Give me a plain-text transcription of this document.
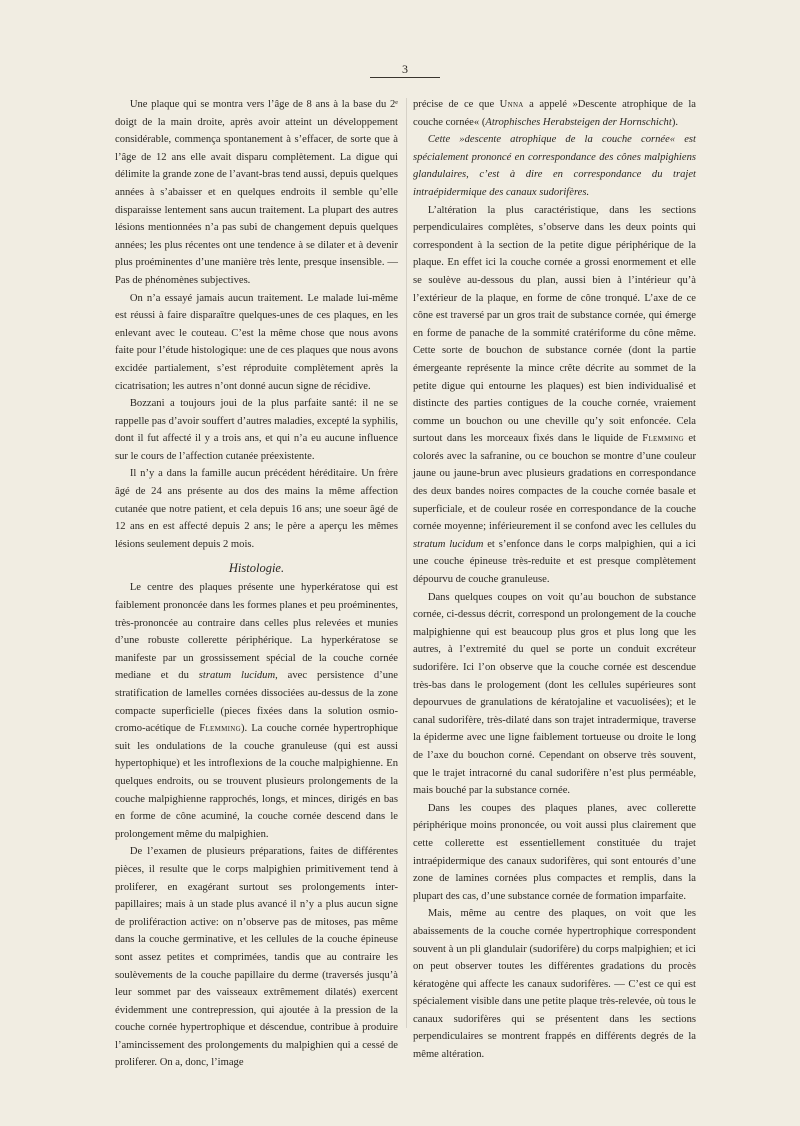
3

Une plaque qui se montra vers l’âge de 8 ans à la base du 2ᵉ doigt de la main droite, après avoir atteint un développement considérable, commença spontanement à s’effacer, de sorte que à l’âge de 12 ans elle avait disparu complètement. La digue qui délimite la grande zone de l’avant-bras tend aussi, depuis quelques années à s’abaisser et en quelques endroits il semble qu’elle disparaisse lentement sans aucun traitement. La plupart des autres lésions mentionnées n’a pas subi de changement depuis quelques années; les plus récentes ont une tendence à se dilater et à devenir plus proéminentes d’une manière très lente, presque insensible. — Pas de phénomènes subjectives.

On n’a essayé jamais aucun traitement. Le malade lui-même est réussi à faire disparaître quelques-unes de ces plaques, en les enlevant avec le couteau. C’est la même chose que nous avons faite pour l’étude histologique: une de ces plaques que nous avons excidée partialement, s’est réproduite complètement après la cicatrisation; les autres n’ont donné aucun signe de récidive.

Bozzani a toujours joui de la plus parfaite santé: il ne se rappelle pas d’avoir souffert d’autres maladies, excepté la syphilis, dont il fut affecté il y a trois ans, et qui n’a eu aucune influence sur le cours de l’affection cutanée préexistente.

Il n’y a dans la famille aucun précédent héréditaire. Un frère âgé de 24 ans présente au dos des mains la même affection cutanée que notre patient, et cela depuis 16 ans; une soeur âgé de 12 ans en est affecté depuis 2 ans; le père a aperçu les mêmes lésions seulement depuis 2 mois.

Histologie.

Le centre des plaques présente une hyperkératose qui est faiblement prononcée dans les formes planes et peu proéminentes, très-prononcée au contraire dans celles plus relevées et munies d’une robuste collerette périphérique. La hyperkératose se manifeste par un grossissement spécial de la couche cornée mediane et du stratum lucidum, avec persistence d’une stratification de lamelles cornées dissociées au-dessus de la zone compacte superficielle (pieces fixées dans la solution osmio-cromo-acétique de Flemming). La couche cornée hypertrophique suit les ondulations de la couche granuleuse (qui est aussi hypertophique) et les introflexions de la couche malpighienne. En quelques endroits, ou se trouvent plusieurs prolongements de la couche malpighienne rapprochés, longs, et minces, dirigés en bas en forme de cône acuminé, la couche cornée descend dans le prolongement même du malpighien.

De l’examen de plusieurs préparations, faites de différentes pièces, il resulte que le corps malpighien primitivement tend à proliferer, en exagérant surtout ses prolongements inter-papillaires; mais à un stade plus avancé il n’y a plus aucun signe de proliféraction active: on n’observe pas de mitoses, pas même dans la couche germinative, et les cellules de la couche épineuse sont assez petites et comprimées, tandis que au contraire les soulèvements de la couche papillaire du derme (traversés jusqu’à leur sommet par des vaisseaux extrêmement dilatés) exercent évidemment une contrepression, qui ajoutée à la pression de la couche cornée hypertrophique et déscendue, contribue à produire l’amincissement des prolongements du malpighien qui a cessé de proliferer. On a, donc, l’image

précise de ce que Unna a appelé »Descente atrophique de la couche cornée« (Atrophisches Herabsteigen der Hornschicht).

Cette »descente atrophique de la couche cornée« est spécialement prononcé en correspondance des cônes malpighiens glandulaires, c’est à dire en correspondance du trajet intraépidermique des canaux sudorifères.

L’altération la plus caractéristique, dans les sections perpendiculaires complètes, s’observe dans les deux points qui correspondent à la section de la petite digue périphérique de la plaque. En effet ici la couche cornée a grossi enormement et elle se soulève au-dessous du plan, aussi bien à l’intérieur qu’à l’extérieur de la plaque, en forme de cône tronqué. L’axe de ce cône est traversé par un gros trait de substance cornée, qui émerge en forme de panache de la sommité cratériforme du cône même. Cette sorte de bouchon de substance cornée (dont la partie émergeante représente la mince crête décrite au sommet de la petite digue qui entourne les plaques) est bien individualisé et distincte des parties contigues de la couche cornée, vraiement comme un bouchon ou une cheville qu’y soit enfoncée. Cela surtout dans les morceaux fixés dans le liquide de Flemming et colorés avec la safranine, ou ce bouchon se montre d’une couleur jaune ou jaune-brun avec plusieurs gradations en correspondance des deux bandes noires compactes de la couche cornée basale et superficiale, et de couleur rosée en correspondance de la couche cornée moyenne; inférieurement il se confond avec les cellules du stratum lucidum et s’enfonce dans le corps malpighien, qui a ici une couche épineuse très-reduite et est presque complètement dépourvu de couche granuleuse.

Dans quelques coupes on voit qu’au bouchon de substance cornée, ci-dessus décrit, correspond un prolongement de la couche malpighienne qui est beaucoup plus gros et plus long que les autres, à l’extremité du quel se porte un conduit excréteur sudorifère. Ici l’on observe que la couche cornée est descendue très-bas dans le prologement (dont les cellules supérieures sont depourvues de granulations de kératojaline et vacuolisées); et le canal sudorifère, très-dilaté dans son trajet intradermique, traverse la épiderme avec une ligne faiblement tortueuse ou droite le long de l’axe du bouchon corné. Cependant on observe très souvent, que le trajet intracorné du canal sudorifère n’est plus perméable, mais bouché par la substance cornée.

Dans les coupes des plaques planes, avec collerette périphérique moins prononcée, ou voit aussi plus clairement que cette collerette est essentiellement constituée du trajet intraépidermique des canaux sudorifères, qui sont entourés d’une zone de lamines cornées plus compactes et remplis, dans la plupart des cas, d’une substance cornée de formation imparfaite.

Mais, même au centre des plaques, on voit que les abaissements de la couche cornée hypertrophique correspondent souvent à un pli glandulair (sudorifère) du corps malpighien; et ici on peut observer toutes les différentes gradations du procès kératogène qui affecte les canaux sudorifères. — C’est ce qui est spécialement visible dans une petite plaque très-relevée, où tous le canaux sudorifères qui se présentent dans les sections perpendiculaires se montrent frappés en différents degrés de la même altération.
